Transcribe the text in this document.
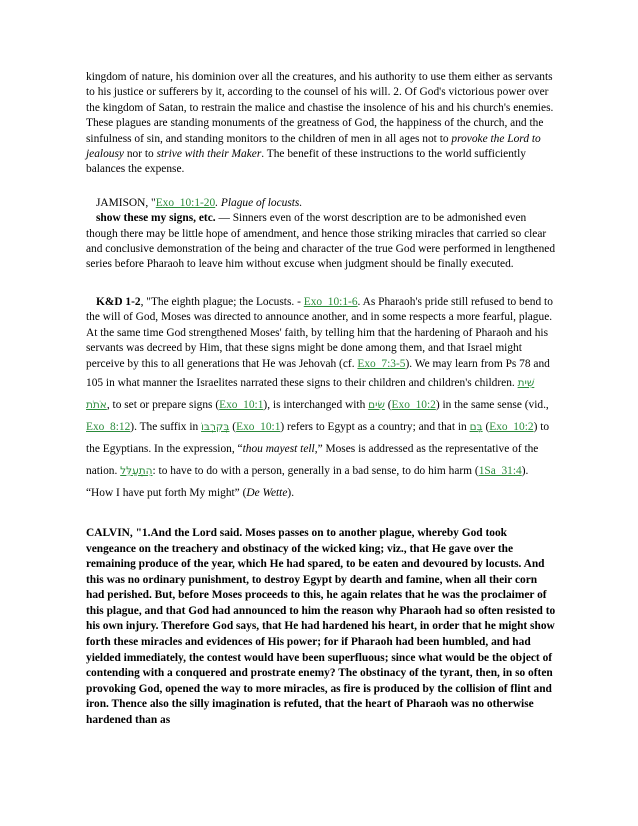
kingdom of nature, his dominion over all the creatures, and his authority to use them either as servants to his justice or sufferers by it, according to the counsel of his will. 2. Of God's victorious power over the kingdom of Satan, to restrain the malice and chastise the insolence of his and his church's enemies. These plagues are standing monuments of the greatness of God, the happiness of the church, and the sinfulness of sin, and standing monitors to the children of men in all ages not to provoke the Lord to jealousy nor to strive with their Maker. The benefit of these instructions to the world sufficiently balances the expense.

JAMISON, "Exo_10:1-20. Plague of locusts.

show these my signs, etc. — Sinners even of the worst description are to be admonished even though there may be little hope of amendment, and hence those striking miracles that carried so clear and conclusive demonstration of the being and character of the true God were performed in lengthened series before Pharaoh to leave him without excuse when judgment should be finally executed.

K&D 1-2, "The eighth plague; the Locusts. - Exo_10:1-6. As Pharaoh's pride still refused to bend to the will of God, Moses was directed to announce another, and in some respects a more fearful, plague. At the same time God strengthened Moses' faith, by telling him that the hardening of Pharaoh and his servants was decreed by Him, that these signs might be done among them, and that Israel might perceive by this to all generations that He was Jehovah (cf. Exo_7:3-5). We may learn from Ps 78 and 105 in what manner the Israelites narrated these signs to their children and children's children. שִׁית אֹתֹת, to set or prepare signs (Exo_10:1), is interchanged with שִׂים (Exo_10:2) in the same sense (vid., Exo_8:12). The suffix in בְּקִרְבּוֹ (Exo_10:1) refers to Egypt as a country; and that in בָּם (Exo_10:2) to the Egyptians. In the expression, “thou mayest tell,” Moses is addressed as the representative of the nation. הִתְעַלֵּל: to have to do with a person, generally in a bad sense, to do him harm (1Sa_31:4). “How I have put forth My might” (De Wette).

CALVIN, "1.And the Lord said. Moses passes on to another plague, whereby God took vengeance on the treachery and obstinacy of the wicked king; viz., that He gave over the remaining produce of the year, which He had spared, to be eaten and devoured by locusts. And this was no ordinary punishment, to destroy Egypt by dearth and famine, when all their corn had perished. But, before Moses proceeds to this, he again relates that he was the proclaimer of this plague, and that God had announced to him the reason why Pharaoh had so often resisted to his own injury. Therefore God says, that He had hardened his heart, in order that he might show forth these miracles and evidences of His power; for if Pharaoh had been humbled, and had yielded immediately, the contest would have been superfluous; since what would be the object of contending with a conquered and prostrate enemy? The obstinacy of the tyrant, then, in so often provoking God, opened the way to more miracles, as fire is produced by the collision of flint and iron. Thence also the silly imagination is refuted, that the heart of Pharaoh was no otherwise hardened than as
